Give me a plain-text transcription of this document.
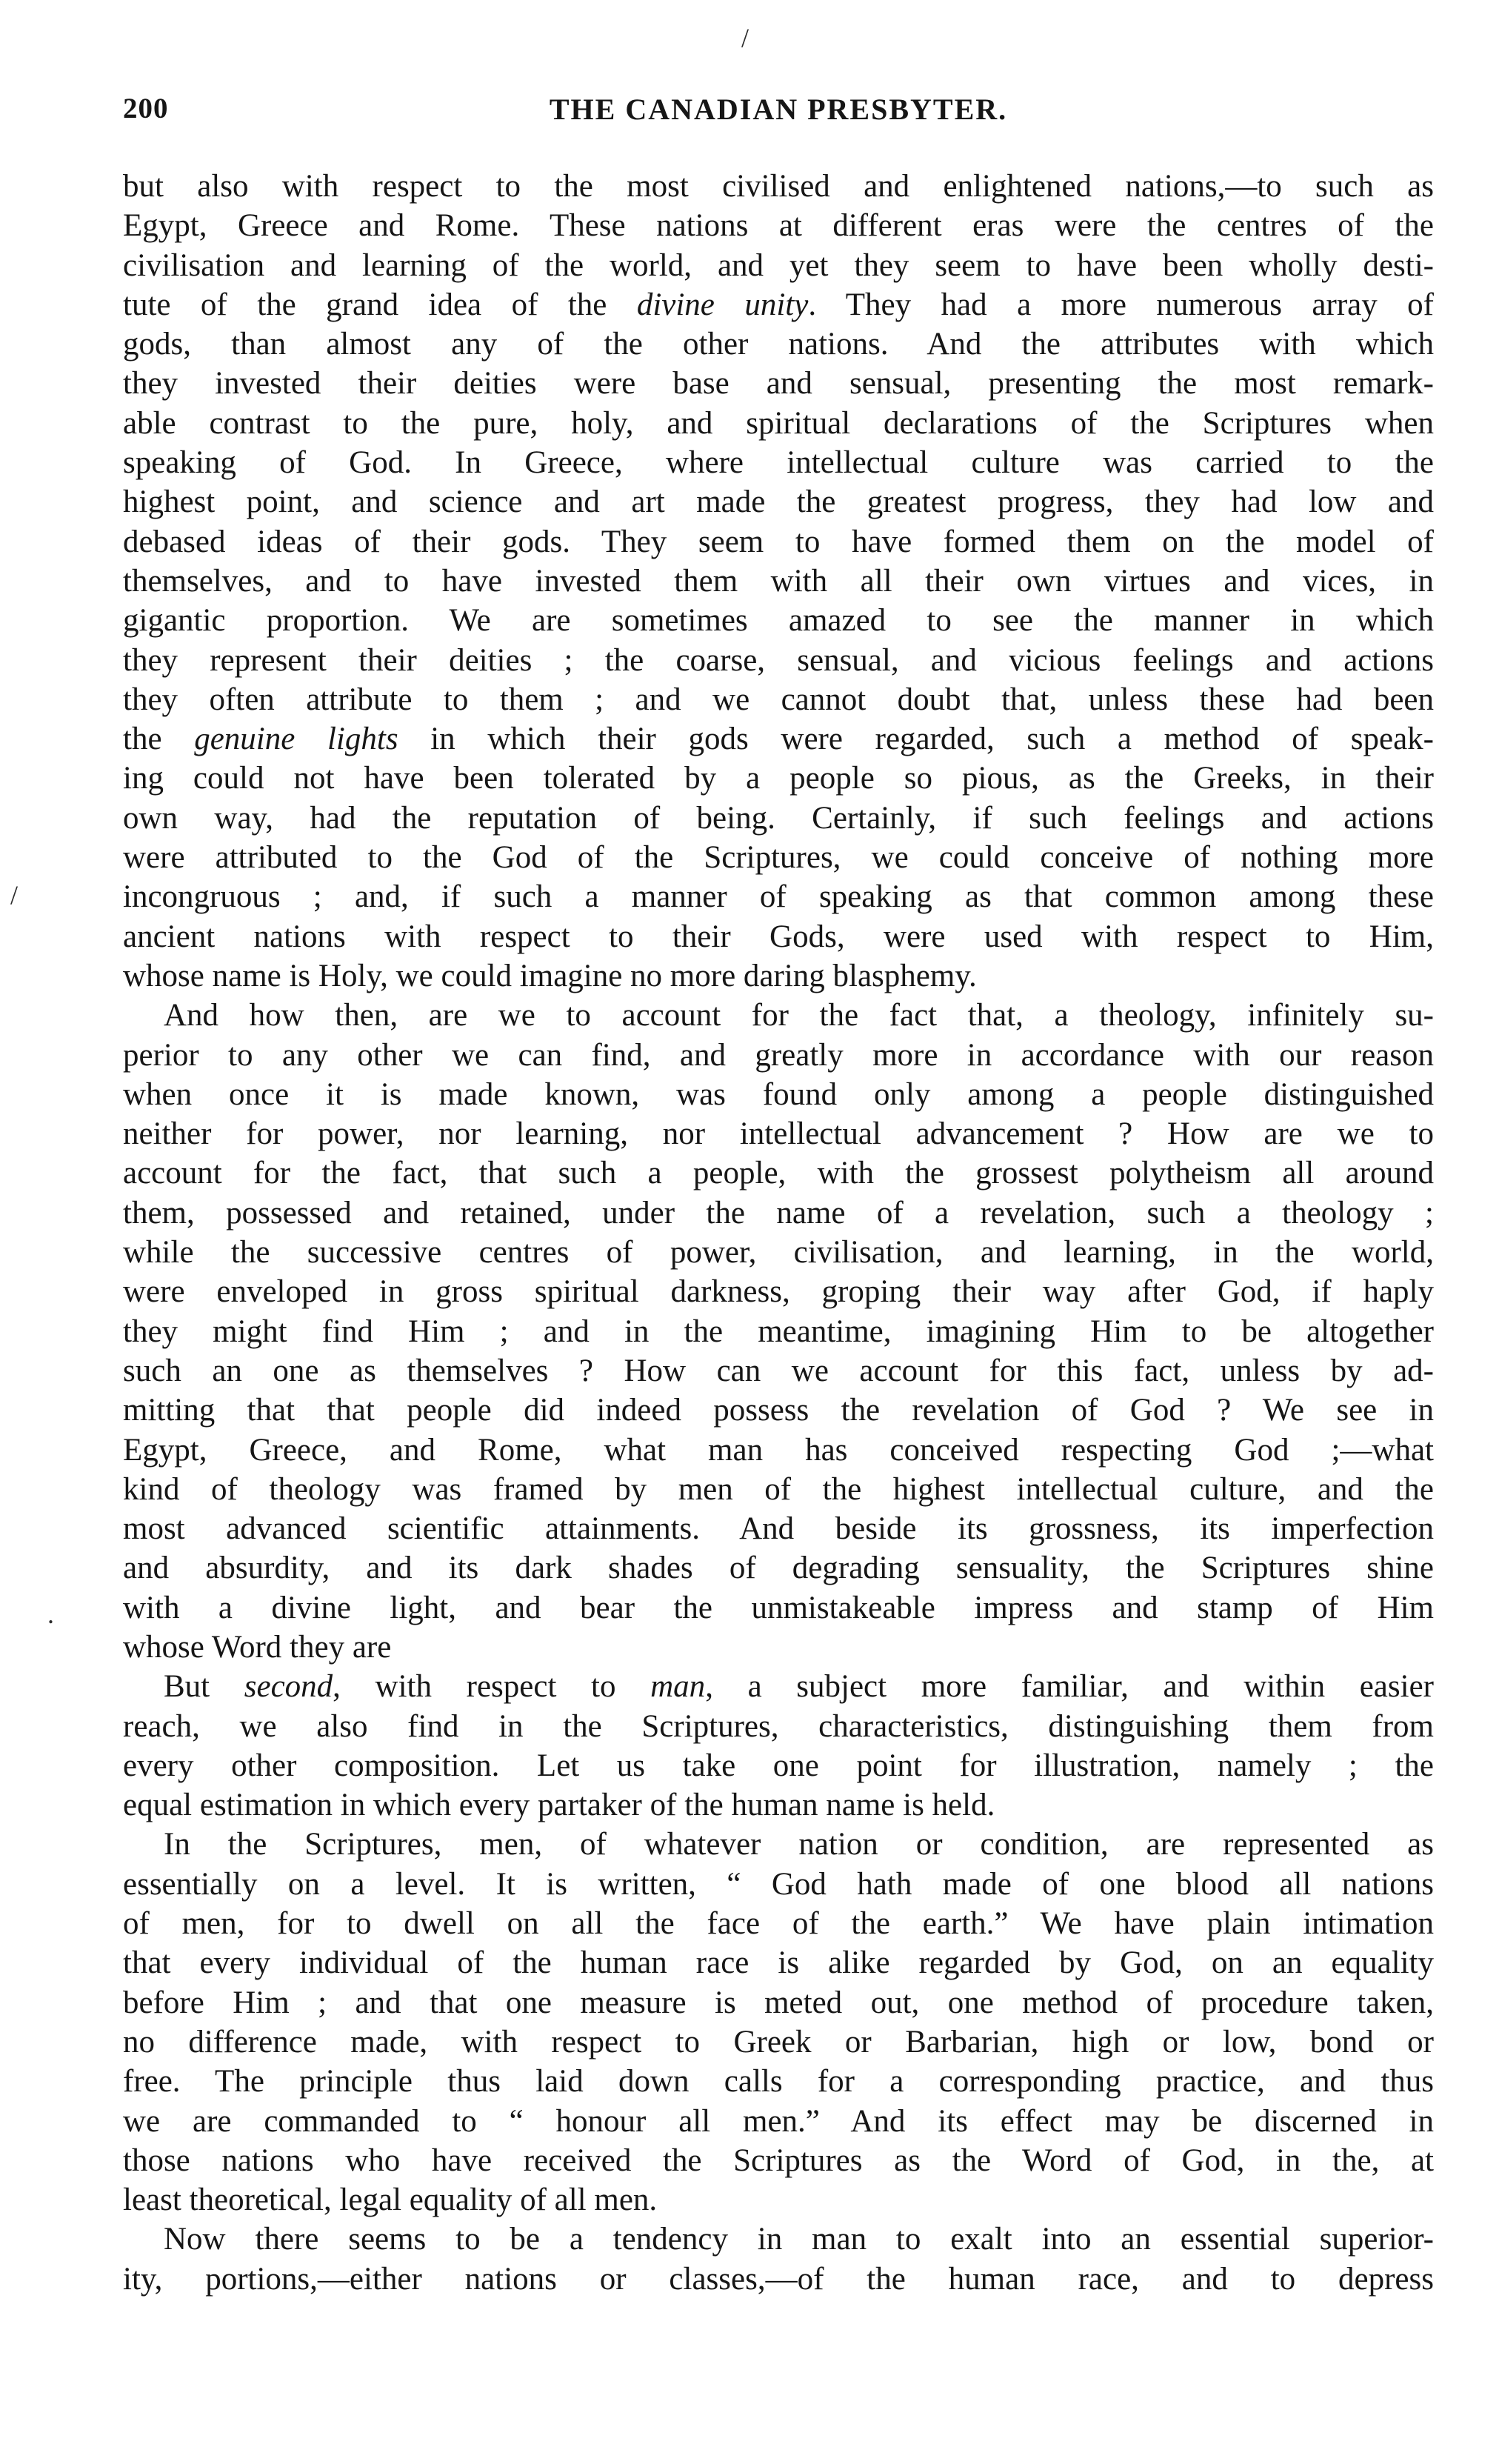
/
200	THE CANADIAN PRESBYTER.
/
.
but also with respect to the most civilised and enlightened nations,—to such as
Egypt, Greece and Rome. These nations at different eras were the centres of the
civilisation and learning of the world, and yet they seem to have been wholly desti-
tute of the grand idea of the divine unity. They had a more numerous array of
gods, than almost any of the other nations. And the attributes with which
they invested their deities were base and sensual, presenting the most remark-
able contrast to the pure, holy, and spiritual declarations of the Scriptures when
speaking of God. In Greece, where intellectual culture was carried to the
highest point, and science and art made the greatest progress, they had low and
debased ideas of their gods. They seem to have formed them on the model of
themselves, and to have invested them with all their own virtues and vices, in
gigantic proportion. We are sometimes amazed to see the manner in which
they represent their deities ; the coarse, sensual, and vicious feelings and actions
they often attribute to them ; and we cannot doubt that, unless these had been
the genuine lights in which their gods were regarded, such a method of speak-
ing could not have been tolerated by a people so pious, as the Greeks, in their
own way, had the reputation of being. Certainly, if such feelings and actions
were attributed to the God of the Scriptures, we could conceive of nothing more
incongruous ; and, if such a manner of speaking as that common among these
ancient nations with respect to their Gods, were used with respect to Him,
whose name is Holy, we could imagine no more daring blasphemy.
And how then, are we to account for the fact that, a theology, infinitely su-
perior to any other we can find, and greatly more in accordance with our reason
when once it is made known, was found only among a people distinguished
neither for power, nor learning, nor intellectual advancement ? How are we to
account for the fact, that such a people, with the grossest polytheism all around
them, possessed and retained, under the name of a revelation, such a theology ;
while the successive centres of power, civilisation, and learning, in the world,
were enveloped in gross spiritual darkness, groping their way after God, if haply
they might find Him ; and in the meantime, imagining Him to be altogether
such an one as themselves ? How can we account for this fact, unless by ad-
mitting that that people did indeed possess the revelation of God ? We see in
Egypt, Greece, and Rome, what man has conceived respecting God ;—what
kind of theology was framed by men of the highest intellectual culture, and the
most advanced scientific attainments. And beside its grossness, its imperfection
and absurdity, and its dark shades of degrading sensuality, the Scriptures shine
with a divine light, and bear the unmistakeable impress and stamp of Him
whose Word they are
But second, with respect to man, a subject more familiar, and within easier
reach, we also find in the Scriptures, characteristics, distinguishing them from
every other composition. Let us take one point for illustration, namely ; the
equal estimation in which every partaker of the human name is held.
In the Scriptures, men, of whatever nation or condition, are represented as
essentially on a level. It is written, “ God hath made of one blood all nations
of men, for to dwell on all the face of the earth.” We have plain intimation
that every individual of the human race is alike regarded by God, on an equality
before Him ; and that one measure is meted out, one method of procedure taken,
no difference made, with respect to Greek or Barbarian, high or low, bond or
free. The principle thus laid down calls for a corresponding practice, and thus
we are commanded to “ honour all men.” And its effect may be discerned in
those nations who have received the Scriptures as the Word of God, in the, at
least theoretical, legal equality of all men.
Now there seems to be a tendency in man to exalt into an essential superior-
ity, portions,—either nations or classes,—of the human race, and to depress
